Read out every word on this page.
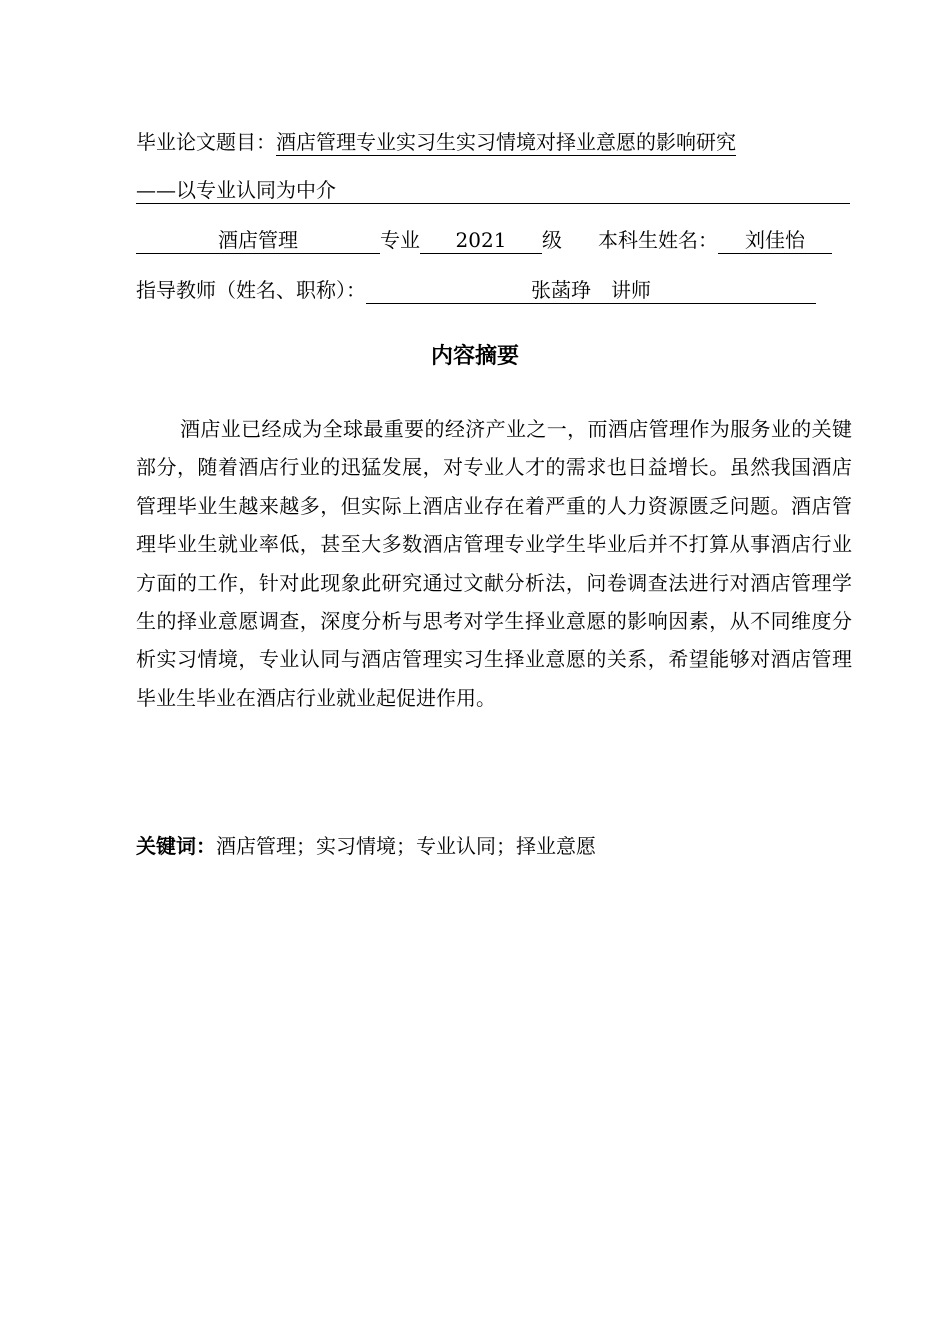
毕业论文题目：酒店管理专业实习生实习情境对择业意愿的影响研究
——以专业认同为中介
酒店管理	专业 2021 级 本科生姓名： 刘佳怡
指导教师（姓名、职称）：	张菡琤　讲师
内容摘要

酒店业已经成为全球最重要的经济产业之一，而酒店管理作为服务业的关键部分，随着酒店行业的迅猛发展，对专业人才的需求也日益增长。虽然我国酒店管理毕业生越来越多，但实际上酒店业存在着严重的人力资源匮乏问题。酒店管理毕业生就业率低，甚至大多数酒店管理专业学生毕业后并不打算从事酒店行业方面的工作，针对此现象此研究通过文献分析法，问卷调查法进行对酒店管理学生的择业意愿调查，深度分析与思考对学生择业意愿的影响因素，从不同维度分析实习情境，专业认同与酒店管理实习生择业意愿的关系，希望能够对酒店管理毕业生毕业在酒店行业就业起促进作用。

关键词：酒店管理；实习情境；专业认同；择业意愿
